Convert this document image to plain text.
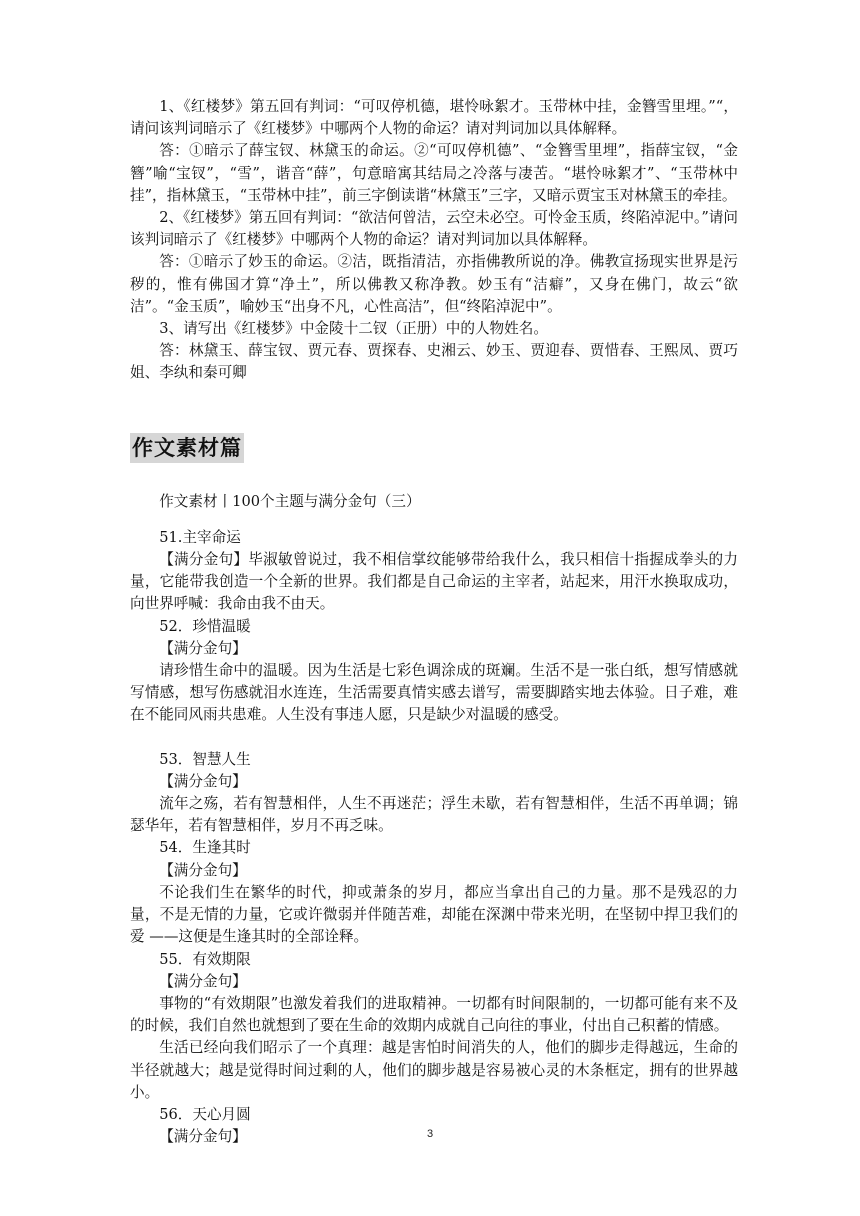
1、《红楼梦》第五回有判词：“可叹停机德，堪怜咏絮才。玉带林中挂，金簪雪里埋。”“，请问该判词暗示了《红楼梦》中哪两个人物的命运？请对判词加以具体解释。

答：①暗示了薛宝钗、林黛玉的命运。②“可叹停机德”、“金簪雪里埋”，指薛宝钗，“金簪”喻“宝钗”，“雪”，谐音“薛”，句意暗寓其结局之冷落与凄苦。“堪怜咏絮才”、“玉带林中挂”，指林黛玉，“玉带林中挂”，前三字倒读谐“林黛玉”三字，又暗示贾宝玉对林黛玉的牵挂。

2、《红楼梦》第五回有判词：“欲洁何曾洁，云空未必空。可怜金玉质，终陷淖泥中。”请问该判词暗示了《红楼梦》中哪两个人物的命运？请对判词加以具体解释。

答：①暗示了妙玉的命运。②洁，既指清洁，亦指佛教所说的净。佛教宣扬现实世界是污秽的，惟有佛国才算“净土”，所以佛教又称净教。妙玉有“洁癖”，又身在佛门，故云“欲洁”。“金玉质”，喻妙玉“出身不凡，心性高洁”，但“终陷淖泥中”。

3、请写出《红楼梦》中金陵十二钗（正册）中的人物姓名。

答：林黛玉、薛宝钗、贾元春、贾探春、史湘云、妙玉、贾迎春、贾惜春、王熙凤、贾巧姐、李纨和秦可卿

作文素材篇

作文素材丨100个主题与满分金句（三）

51.主宰命运

【满分金句】毕淑敏曾说过，我不相信掌纹能够带给我什么，我只相信十指握成拳头的力量，它能带我创造一个全新的世界。我们都是自己命运的主宰者，站起来，用汗水换取成功，向世界呼喊：我命由我不由天。

52．珍惜温暖

【满分金句】

请珍惜生命中的温暖。因为生活是七彩色调涂成的斑斓。生活不是一张白纸，想写情感就写情感，想写伤感就泪水连连，生活需要真情实感去谱写，需要脚踏实地去体验。日子难，难在不能同风雨共患难。人生没有事违人愿，只是缺少对温暖的感受。

53．智慧人生

【满分金句】

流年之殇，若有智慧相伴，人生不再迷茫；浮生未歇，若有智慧相伴，生活不再单调；锦瑟华年，若有智慧相伴，岁月不再乏味。

54．生逢其时

【满分金句】

不论我们生在繁华的时代，抑或萧条的岁月，都应当拿出自己的力量。那不是残忍的力量，不是无情的力量，它或许微弱并伴随苦难，却能在深渊中带来光明，在坚韧中捍卫我们的爱 ——这便是生逢其时的全部诠释。

55．有效期限

【满分金句】

事物的“有效期限”也激发着我们的进取精神。一切都有时间限制的，一切都可能有来不及的时候，我们自然也就想到了要在生命的效期内成就自己向往的事业，付出自己积蓄的情感。

生活已经向我们昭示了一个真理：越是害怕时间消失的人，他们的脚步走得越远，生命的半径就越大；越是觉得时间过剩的人，他们的脚步越是容易被心灵的木条框定，拥有的世界越小。

56．天心月圆

【满分金句】	3
